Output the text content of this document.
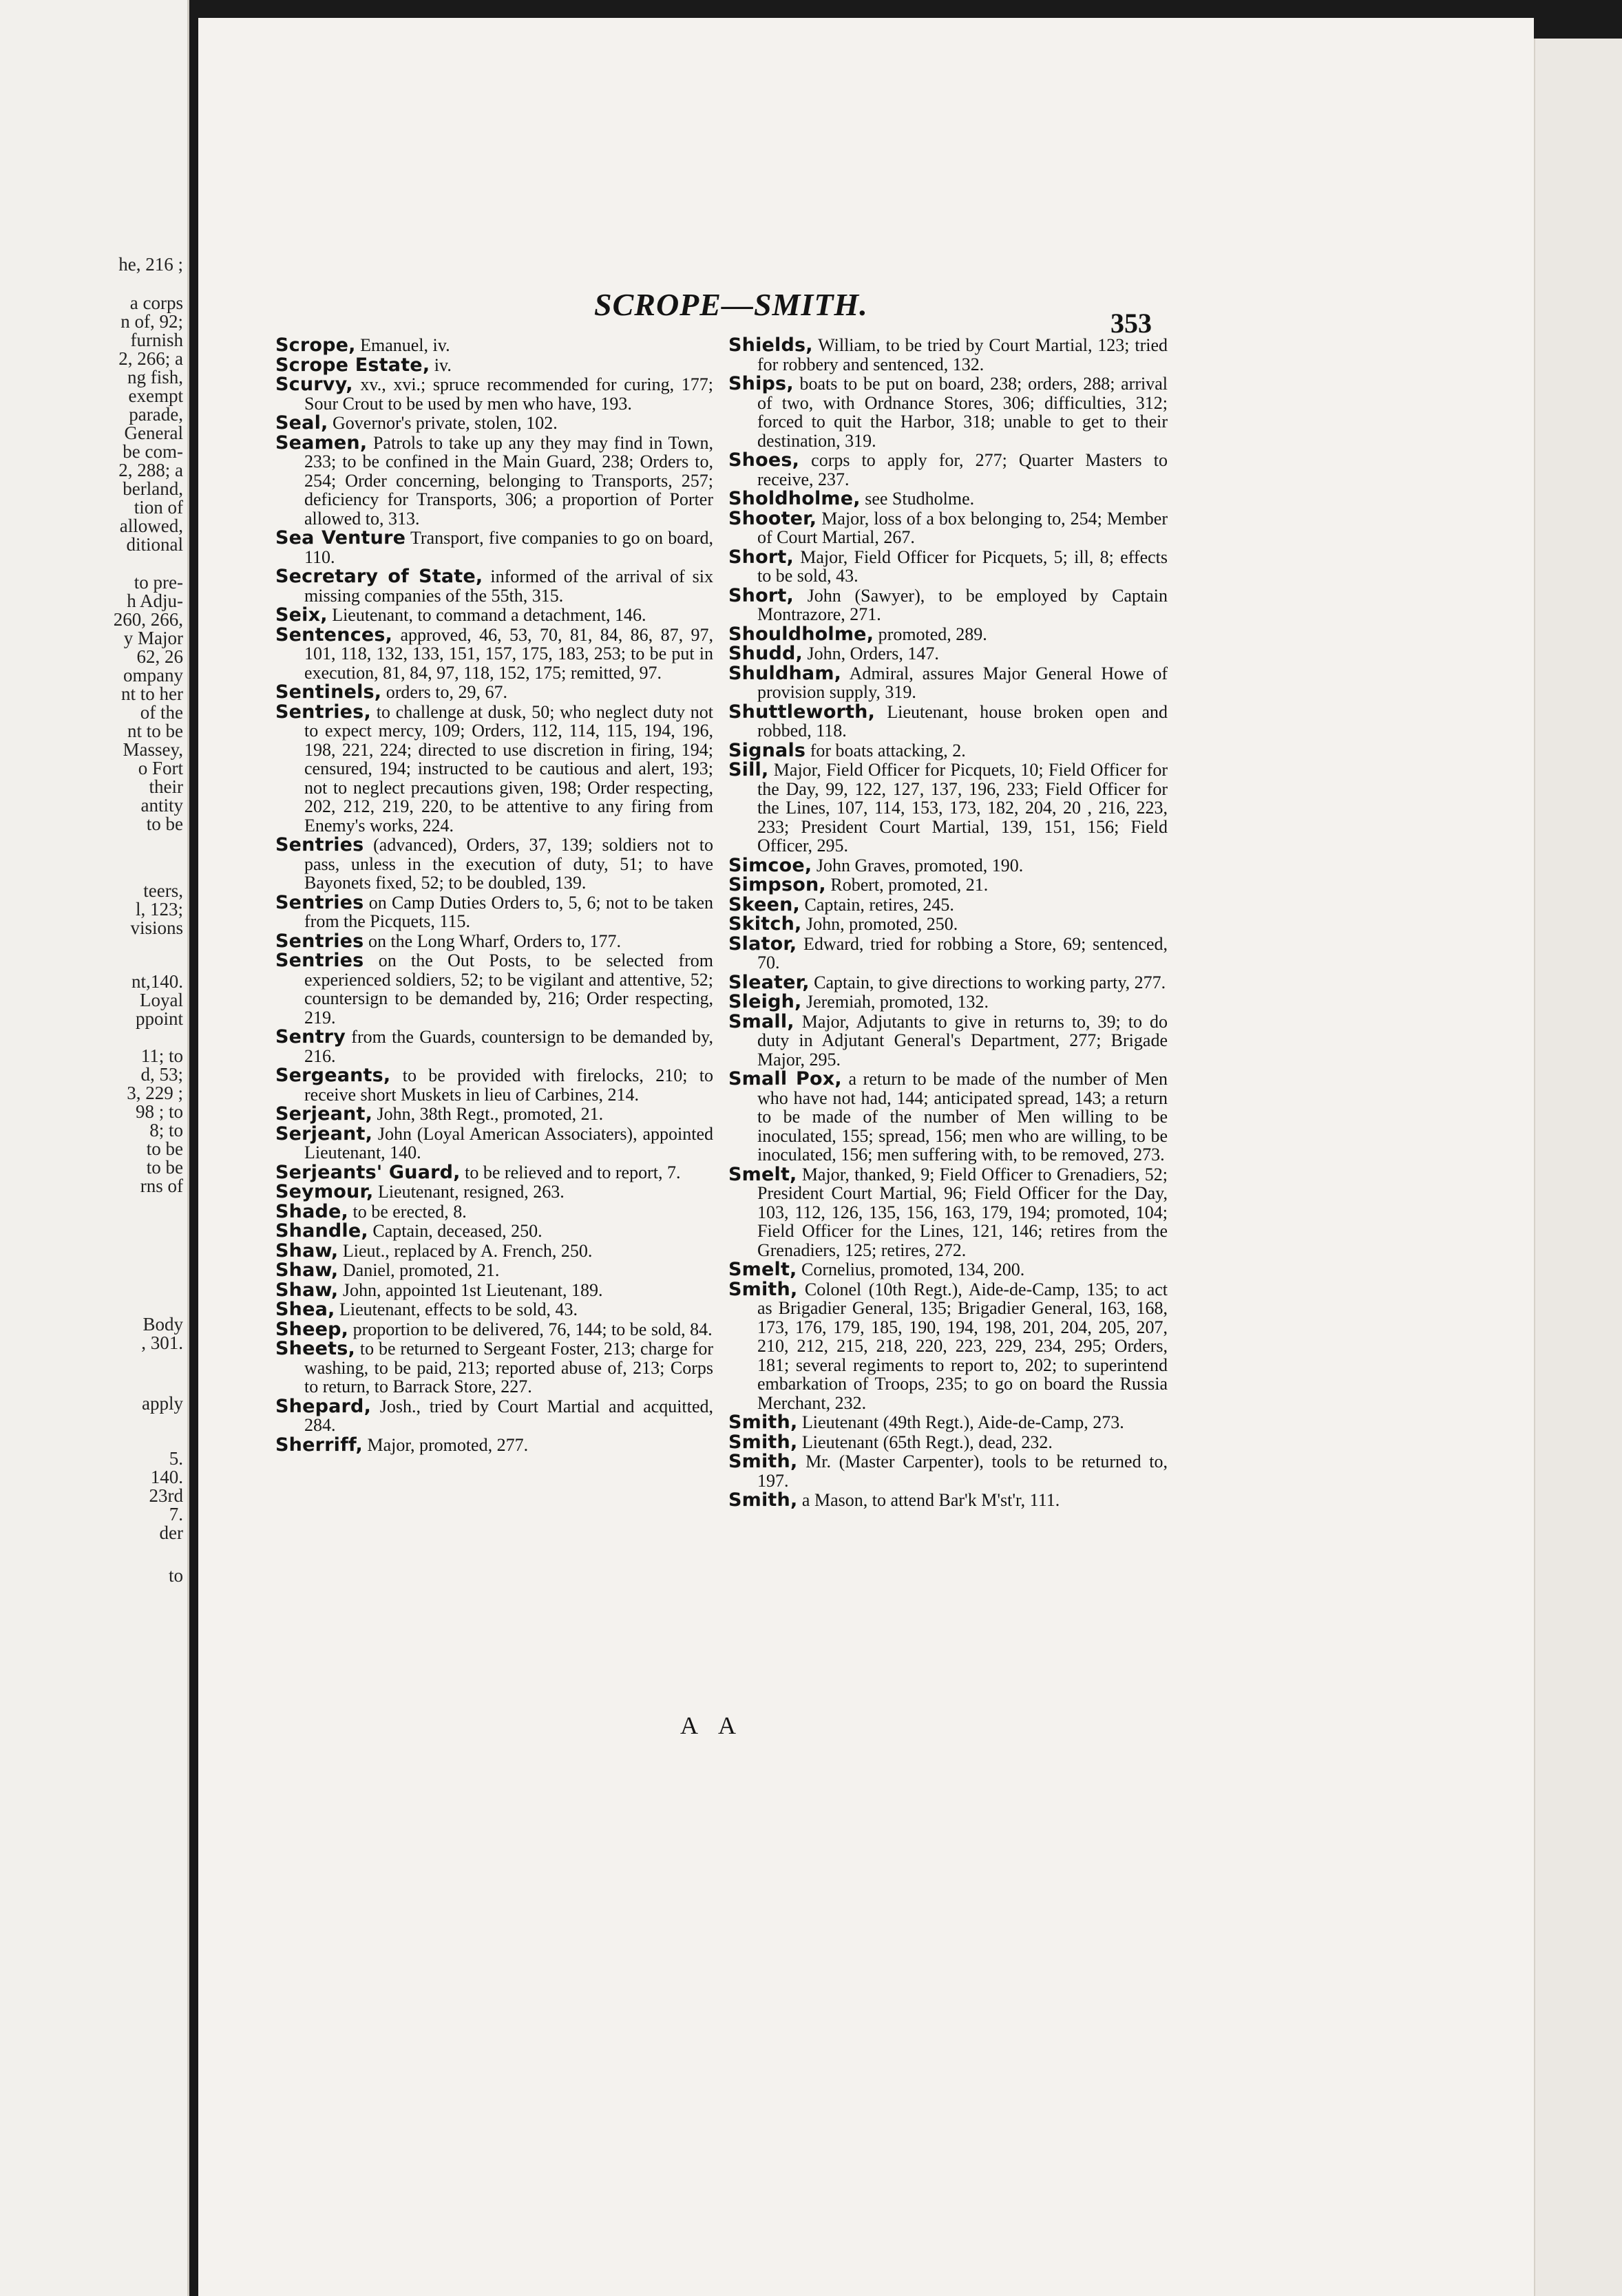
he, 216 ;
a corps
n of, 92;
furnish
2, 266; a
ng fish,
exempt
parade,
General
be com-
2, 288; a
berland,
tion of
allowed,
ditional
to pre-
h Adju-
260, 266,
y Major
62, 26
ompany
nt to her
of the
nt to be
Massey,
o Fort
their
antity
to be
teers,
l, 123;
visions
nt,140.
Loyal
ppoint
11; to
d, 53;
3, 229 ;
98 ; to
8; to
to be
to be
rns of
Body
, 301.
apply
5.
140.
23rd
7.
der
to
SCROPE—SMITH.
353

Scrope, Emanuel, iv.

Scrope Estate, iv.

Scurvy, xv., xvi.; spruce recommended for curing, 177; Sour Crout to be used by men who have, 193.

Seal, Governor's private, stolen, 102.

Seamen, Patrols to take up any they may find in Town, 233; to be confined in the Main Guard, 238; Orders to, 254; Order concerning, belonging to Transports, 257; deficiency for Transports, 306; a proportion of Porter allowed to, 313.

Sea Venture Transport, five companies to go on board, 110.

Secretary of State, informed of the arrival of six missing companies of the 55th, 315.

Seix, Lieutenant, to command a detachment, 146.

Sentences, approved, 46, 53, 70, 81, 84, 86, 87, 97, 101, 118, 132, 133, 151, 157, 175, 183, 253; to be put in execution, 81, 84, 97, 118, 152, 175; remitted, 97.

Sentinels, orders to, 29, 67.

Sentries, to challenge at dusk, 50; who neglect duty not to expect mercy, 109; Orders, 112, 114, 115, 194, 196, 198, 221, 224; directed to use discretion in firing, 194; censured, 194; instructed to be cautious and alert, 193; not to neglect precautions given, 198; Order respecting, 202, 212, 219, 220, to be attentive to any firing from Enemy's works, 224.

Sentries (advanced), Orders, 37, 139; soldiers not to pass, unless in the execution of duty, 51; to have Bayonets fixed, 52; to be doubled, 139.

Sentries on Camp Duties Orders to, 5, 6; not to be taken from the Picquets, 115.

Sentries on the Long Wharf, Orders to, 177.

Sentries on the Out Posts, to be selected from experienced soldiers, 52; to be vigilant and attentive, 52; countersign to be demanded by, 216; Order respecting, 219.

Sentry from the Guards, countersign to be demanded by, 216.

Sergeants, to be provided with firelocks, 210; to receive short Muskets in lieu of Carbines, 214.

Serjeant, John, 38th Regt., promoted, 21.

Serjeant, John (Loyal American Associaters), appointed Lieutenant, 140.

Serjeants' Guard, to be relieved and to report, 7.

Seymour, Lieutenant, resigned, 263.

Shade, to be erected, 8.

Shandle, Captain, deceased, 250.

Shaw, Lieut., replaced by A. French, 250.

Shaw, Daniel, promoted, 21.

Shaw, John, appointed 1st Lieutenant, 189.

Shea, Lieutenant, effects to be sold, 43.

Sheep, proportion to be delivered, 76, 144; to be sold, 84.

Sheets, to be returned to Sergeant Foster, 213; charge for washing, to be paid, 213; reported abuse of, 213; Corps to return, to Barrack Store, 227.

Shepard, Josh., tried by Court Martial and acquitted, 284.

Sherriff, Major, promoted, 277.

Shields, William, to be tried by Court Martial, 123; tried for robbery and sentenced, 132.

Ships, boats to be put on board, 238; orders, 288; arrival of two, with Ordnance Stores, 306; difficulties, 312; forced to quit the Harbor, 318; unable to get to their destination, 319.

Shoes, corps to apply for, 277; Quarter Masters to receive, 237.

Sholdholme, see Studholme.

Shooter, Major, loss of a box belonging to, 254; Member of Court Martial, 267.

Short, Major, Field Officer for Picquets, 5; ill, 8; effects to be sold, 43.

Short, John (Sawyer), to be employed by Captain Montrazore, 271.

Shouldholme, promoted, 289.

Shudd, John, Orders, 147.

Shuldham, Admiral, assures Major General Howe of provision supply, 319.

Shuttleworth, Lieutenant, house broken open and robbed, 118.

Signals for boats attacking, 2.

Sill, Major, Field Officer for Picquets, 10; Field Officer for the Day, 99, 122, 127, 137, 196, 233; Field Officer for the Lines, 107, 114, 153, 173, 182, 204, 20 , 216, 223, 233; President Court Martial, 139, 151, 156; Field Officer, 295.

Simcoe, John Graves, promoted, 190.

Simpson, Robert, promoted, 21.

Skeen, Captain, retires, 245.

Skitch, John, promoted, 250.

Slator, Edward, tried for robbing a Store, 69; sentenced, 70.

Sleater, Captain, to give directions to working party, 277.

Sleigh, Jeremiah, promoted, 132.

Small, Major, Adjutants to give in returns to, 39; to do duty in Adjutant General's Department, 277; Brigade Major, 295.

Small Pox, a return to be made of the number of Men who have not had, 144; anticipated spread, 143; a return to be made of the number of Men willing to be inoculated, 155; spread, 156; men who are willing, to be inoculated, 156; men suffering with, to be removed, 273.

Smelt, Major, thanked, 9; Field Officer to Grenadiers, 52; President Court Martial, 96; Field Officer for the Day, 103, 112, 126, 135, 156, 163, 179, 194; promoted, 104; Field Officer for the Lines, 121, 146; retires from the Grenadiers, 125; retires, 272.

Smelt, Cornelius, promoted, 134, 200.

Smith, Colonel (10th Regt.), Aide-de-Camp, 135; to act as Brigadier General, 135; Brigadier General, 163, 168, 173, 176, 179, 185, 190, 194, 198, 201, 204, 205, 207, 210, 212, 215, 218, 220, 223, 229, 234, 295; Orders, 181; several regiments to report to, 202; to superintend embarkation of Troops, 235; to go on board the Russia Merchant, 232.

Smith, Lieutenant (49th Regt.), Aide-de-Camp, 273.

Smith, Lieutenant (65th Regt.), dead, 232.

Smith, Mr. (Master Carpenter), tools to be returned to, 197.

Smith, a Mason, to attend Bar'k M'st'r, 111.

A A
